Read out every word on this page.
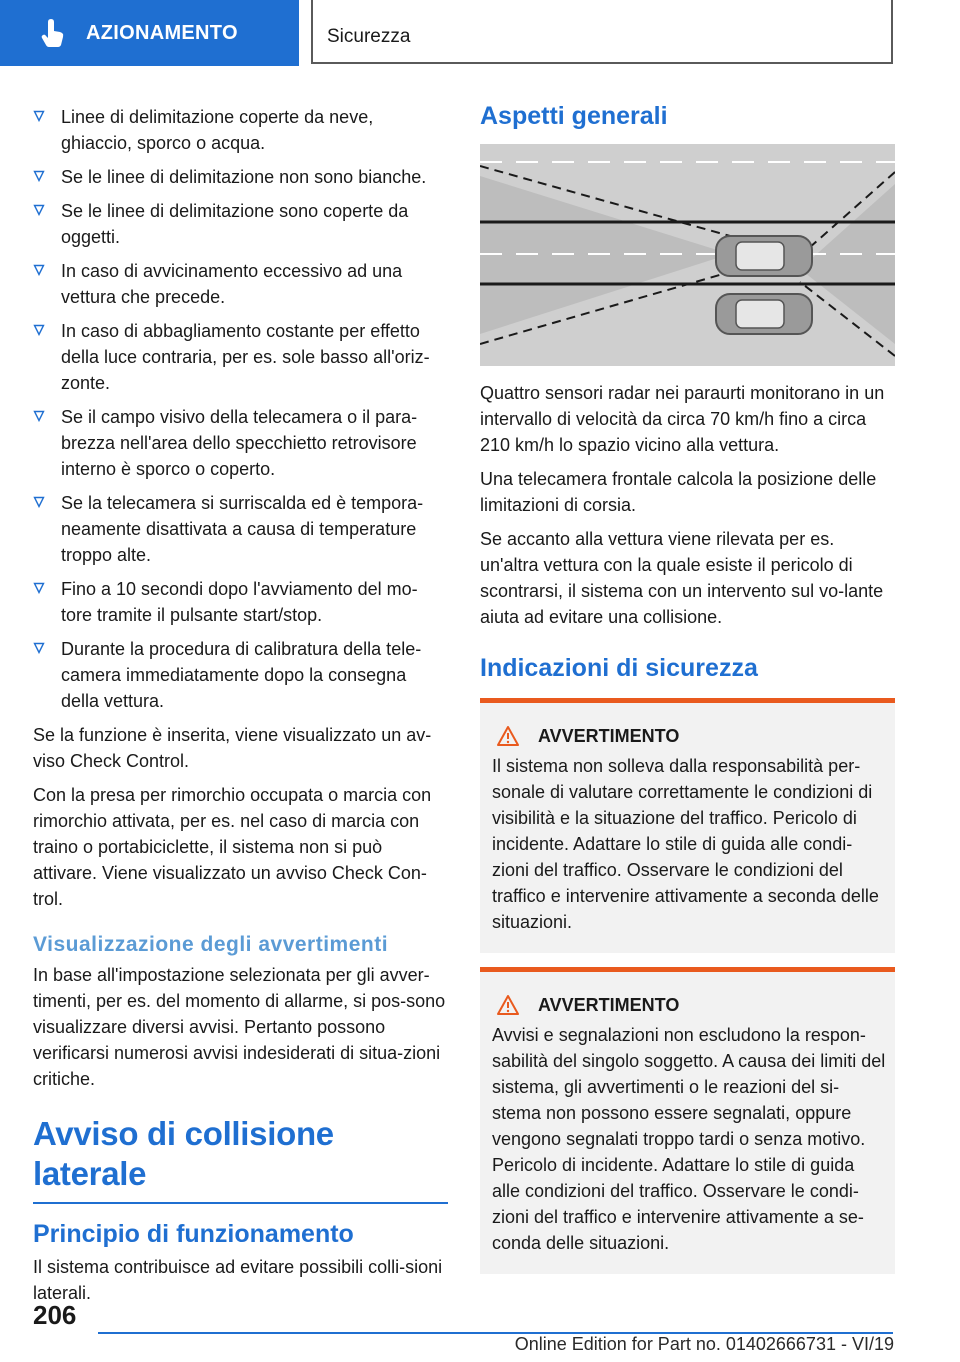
AZIONAMENTO	Sicurezza
Linee di delimitazione coperte da neve, ghiaccio, sporco o acqua.
Se le linee di delimitazione non sono bianche.
Se le linee di delimitazione sono coperte da oggetti.
In caso di avvicinamento eccessivo ad una vettura che precede.
In caso di abbagliamento costante per effetto della luce contraria, per es. sole basso all'oriz-zonte.
Se il campo visivo della telecamera o il para-brezza nell'area dello specchietto retrovisore interno è sporco o coperto.
Se la telecamera si surriscalda ed è tempora-neamente disattivata a causa di temperature troppo alte.
Fino a 10 secondi dopo l'avviamento del mo-tore tramite il pulsante start/stop.
Durante la procedura di calibratura della tele-camera immediatamente dopo la consegna della vettura.

Se la funzione è inserita, viene visualizzato un av-viso Check Control.

Con la presa per rimorchio occupata o marcia con rimorchio attivata, per es. nel caso di marcia con traino o portabiciclette, il sistema non si può attivare. Viene visualizzato un avviso Check Con-trol.

Visualizzazione degli avvertimenti

In base all'impostazione selezionata per gli avver-timenti, per es. del momento di allarme, si pos-sono visualizzare diversi avvisi. Pertanto possono verificarsi numerosi avvisi indesiderati di situa-zioni critiche.

Avviso di collisione laterale
Principio di funzionamento

Il sistema contribuisce ad evitare possibili colli-sioni laterali.

Aspetti generali

Quattro sensori radar nei paraurti monitorano in un intervallo di velocità da circa 70 km/h fino a circa 210 km/h lo spazio vicino alla vettura.

Una telecamera frontale calcola la posizione delle limitazioni di corsia.

Se accanto alla vettura viene rilevata per es. un'altra vettura con la quale esiste il pericolo di scontrarsi, il sistema con un intervento sul vo-lante aiuta ad evitare una collisione.

Indicazioni di sicurezza
AVVERTIMENTO
Il sistema non solleva dalla responsabilità per-sonale di valutare correttamente le condizioni di visibilità e la situazione del traffico. Pericolo di incidente. Adattare lo stile di guida alle condi-zioni del traffico. Osservare le condizioni del traffico e intervenire attivamente a seconda delle situazioni.
AVVERTIMENTO
Avvisi e segnalazioni non escludono la respon-sabilità del singolo soggetto. A causa dei limiti del sistema, gli avvertimenti o le reazioni del si-stema non possono essere segnalati, oppure vengono segnalati troppo tardi o senza motivo. Pericolo di incidente. Adattare lo stile di guida alle condizioni del traffico. Osservare le condi-zioni del traffico e intervenire attivamente a se-conda delle situazioni.
206
Online Edition for Part no. 01402666731 - VI/19
